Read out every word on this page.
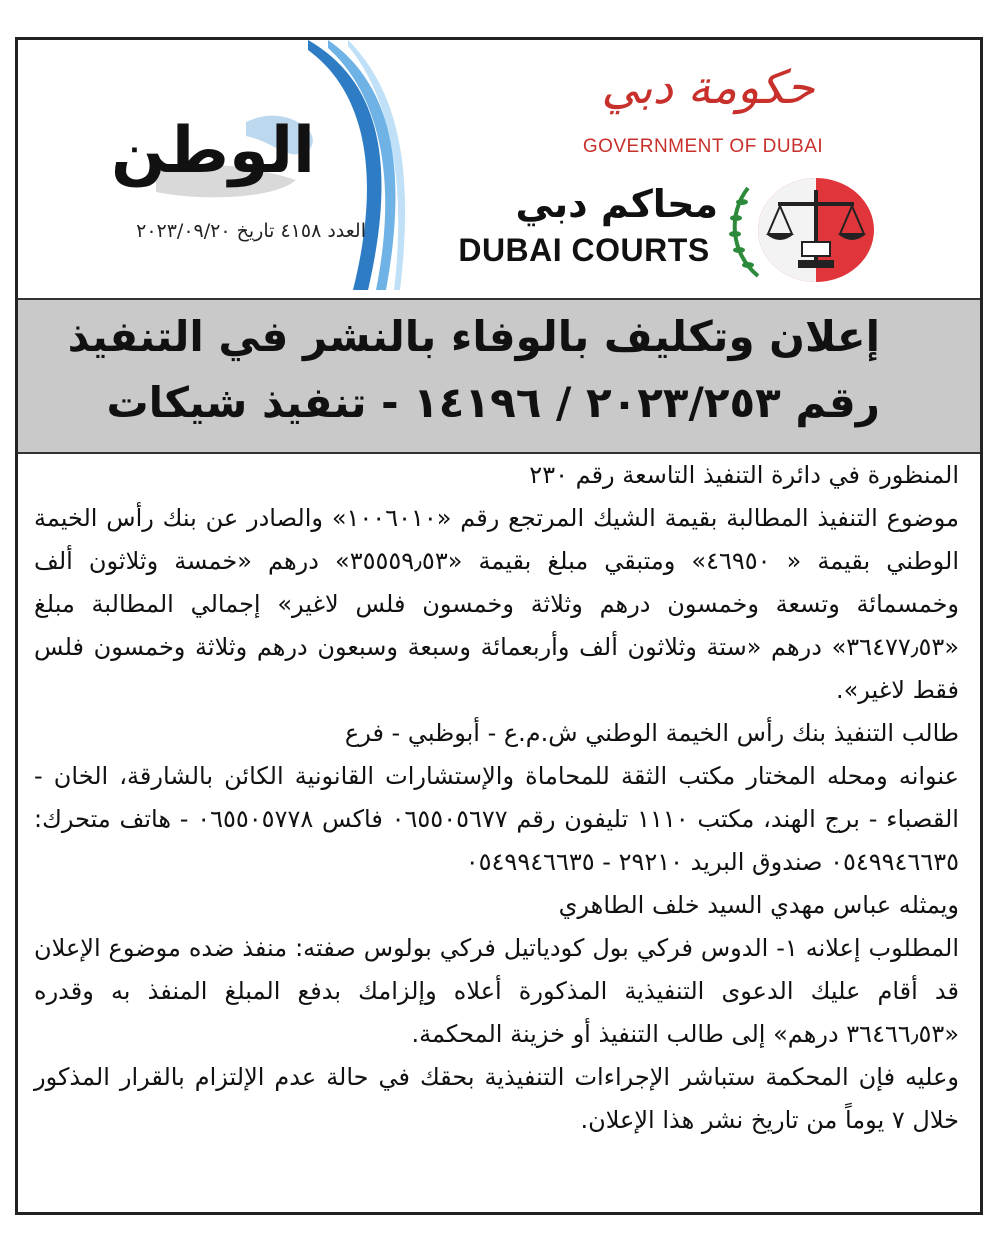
الوطن
العدد ٤١٥٨ تاريخ ٢٠٢٣/٠٩/٢٠
حكومة دبي
GOVERNMENT OF DUBAI
محاكم دبي
DUBAI COURTS
إعلان وتكليف بالوفاء بالنشر في التنفيذ
رقم ٢٠٢٣/٢٥٣ / ١٤١٩٦ - تنفيذ شيكات

المنظورة في دائرة التنفيذ التاسعة رقم ٢٣٠

موضوع التنفيذ المطالبة بقيمة الشيك المرتجع رقم «١٠٠٦٠١٠» والصادر عن بنك رأس الخيمة الوطني بقيمة « ٤٦٩٥٠» ومتبقي مبلغ بقيمة «٣٥٥٥٩٫٥٣» درهم «خمسة وثلاثون ألف وخمسمائة وتسعة وخمسون درهم وثلاثة وخمسون فلس لاغير» إجمالي المطالبة مبلغ «٣٦٤٧٧٫٥٣» درهم «ستة وثلاثون ألف وأربعمائة وسبعة وسبعون درهم وثلاثة وخمسون فلس فقط لاغير».

طالب التنفيذ بنك رأس الخيمة الوطني ش.م.ع - أبوظبي - فرع

عنوانه ومحله المختار مكتب الثقة للمحاماة والإستشارات القانونية الكائن بالشارقة، الخان - القصباء - برج الهند، مكتب ١١١٠ تليفون رقم ٠٦٥٥٠٥٦٧٧ فاكس ٠٦٥٥٠٥٧٧٨ - هاتف متحرك: ٠٥٤٩٩٤٦٦٣٥ صندوق البريد ٢٩٢١٠ - ٠٥٤٩٩٤٦٦٣٥

ويمثله عباس مهدي السيد خلف الطاهري

المطلوب إعلانه ١- الدوس فركي بول كودياتيل فركي بولوس صفته: منفذ ضده موضوع الإعلان قد أقام عليك الدعوى التنفيذية المذكورة أعلاه وإلزامك بدفع المبلغ المنفذ به وقدره «٣٦٤٦٦٫٥٣ درهم» إلى طالب التنفيذ أو خزينة المحكمة.

وعليه فإن المحكمة ستباشر الإجراءات التنفيذية بحقك في حالة عدم الإلتزام بالقرار المذكور خلال ٧ يوماً من تاريخ نشر هذا الإعلان.
